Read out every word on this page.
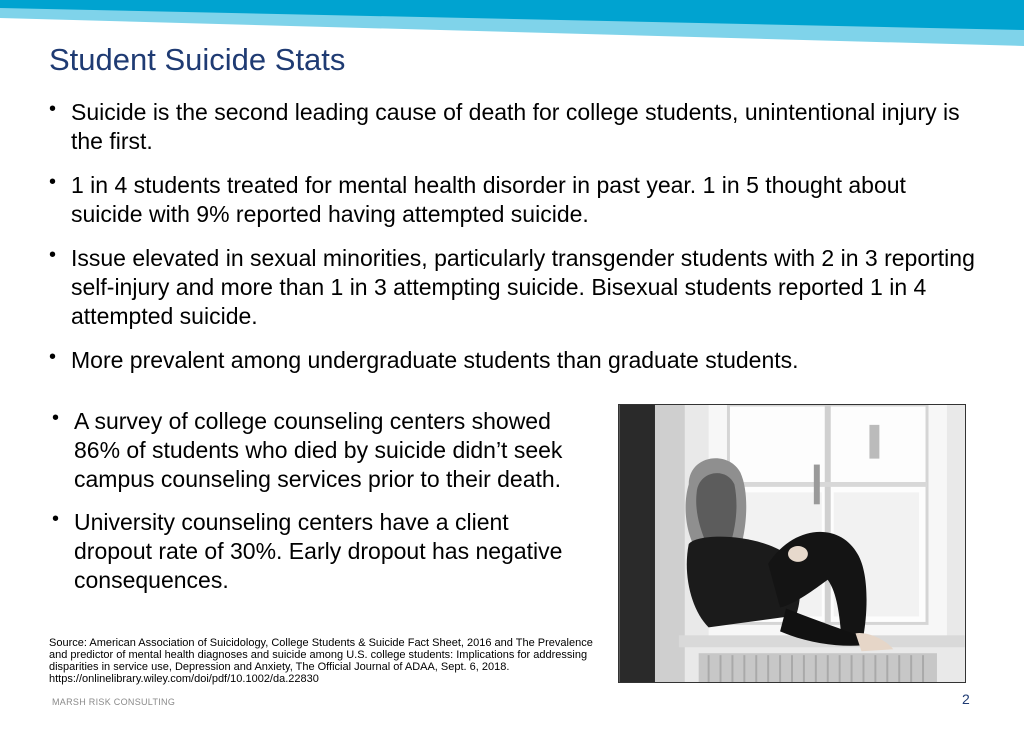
Student Suicide Stats
• Suicide is the second leading cause of death for college students, unintentional injury is the first.
• 1 in 4 students treated for mental health disorder in past year. 1 in 5 thought about suicide with 9% reported having attempted suicide.
• Issue elevated in sexual minorities, particularly transgender students with 2 in 3 reporting self-injury and more than 1 in 3 attempting suicide. Bisexual students reported 1 in 4 attempted suicide.
• More prevalent among undergraduate students than graduate students.
• A survey of college counseling centers showed 86% of students who died by suicide didn’t seek campus counseling services prior to their death.
• University counseling centers have a client dropout rate of 30%. Early dropout has negative consequences.
Source: American Association of Suicidology, College Students & Suicide Fact Sheet, 2016 and The Prevalence and predictor of mental health diagnoses and suicide among U.S. college students: Implications for addressing disparities in service use, Depression and Anxiety, The Official Journal of ADAA, Sept. 6, 2018. https://onlinelibrary.wiley.com/doi/pdf/10.1002/da.22830
MARSH RISK CONSULTING	2
